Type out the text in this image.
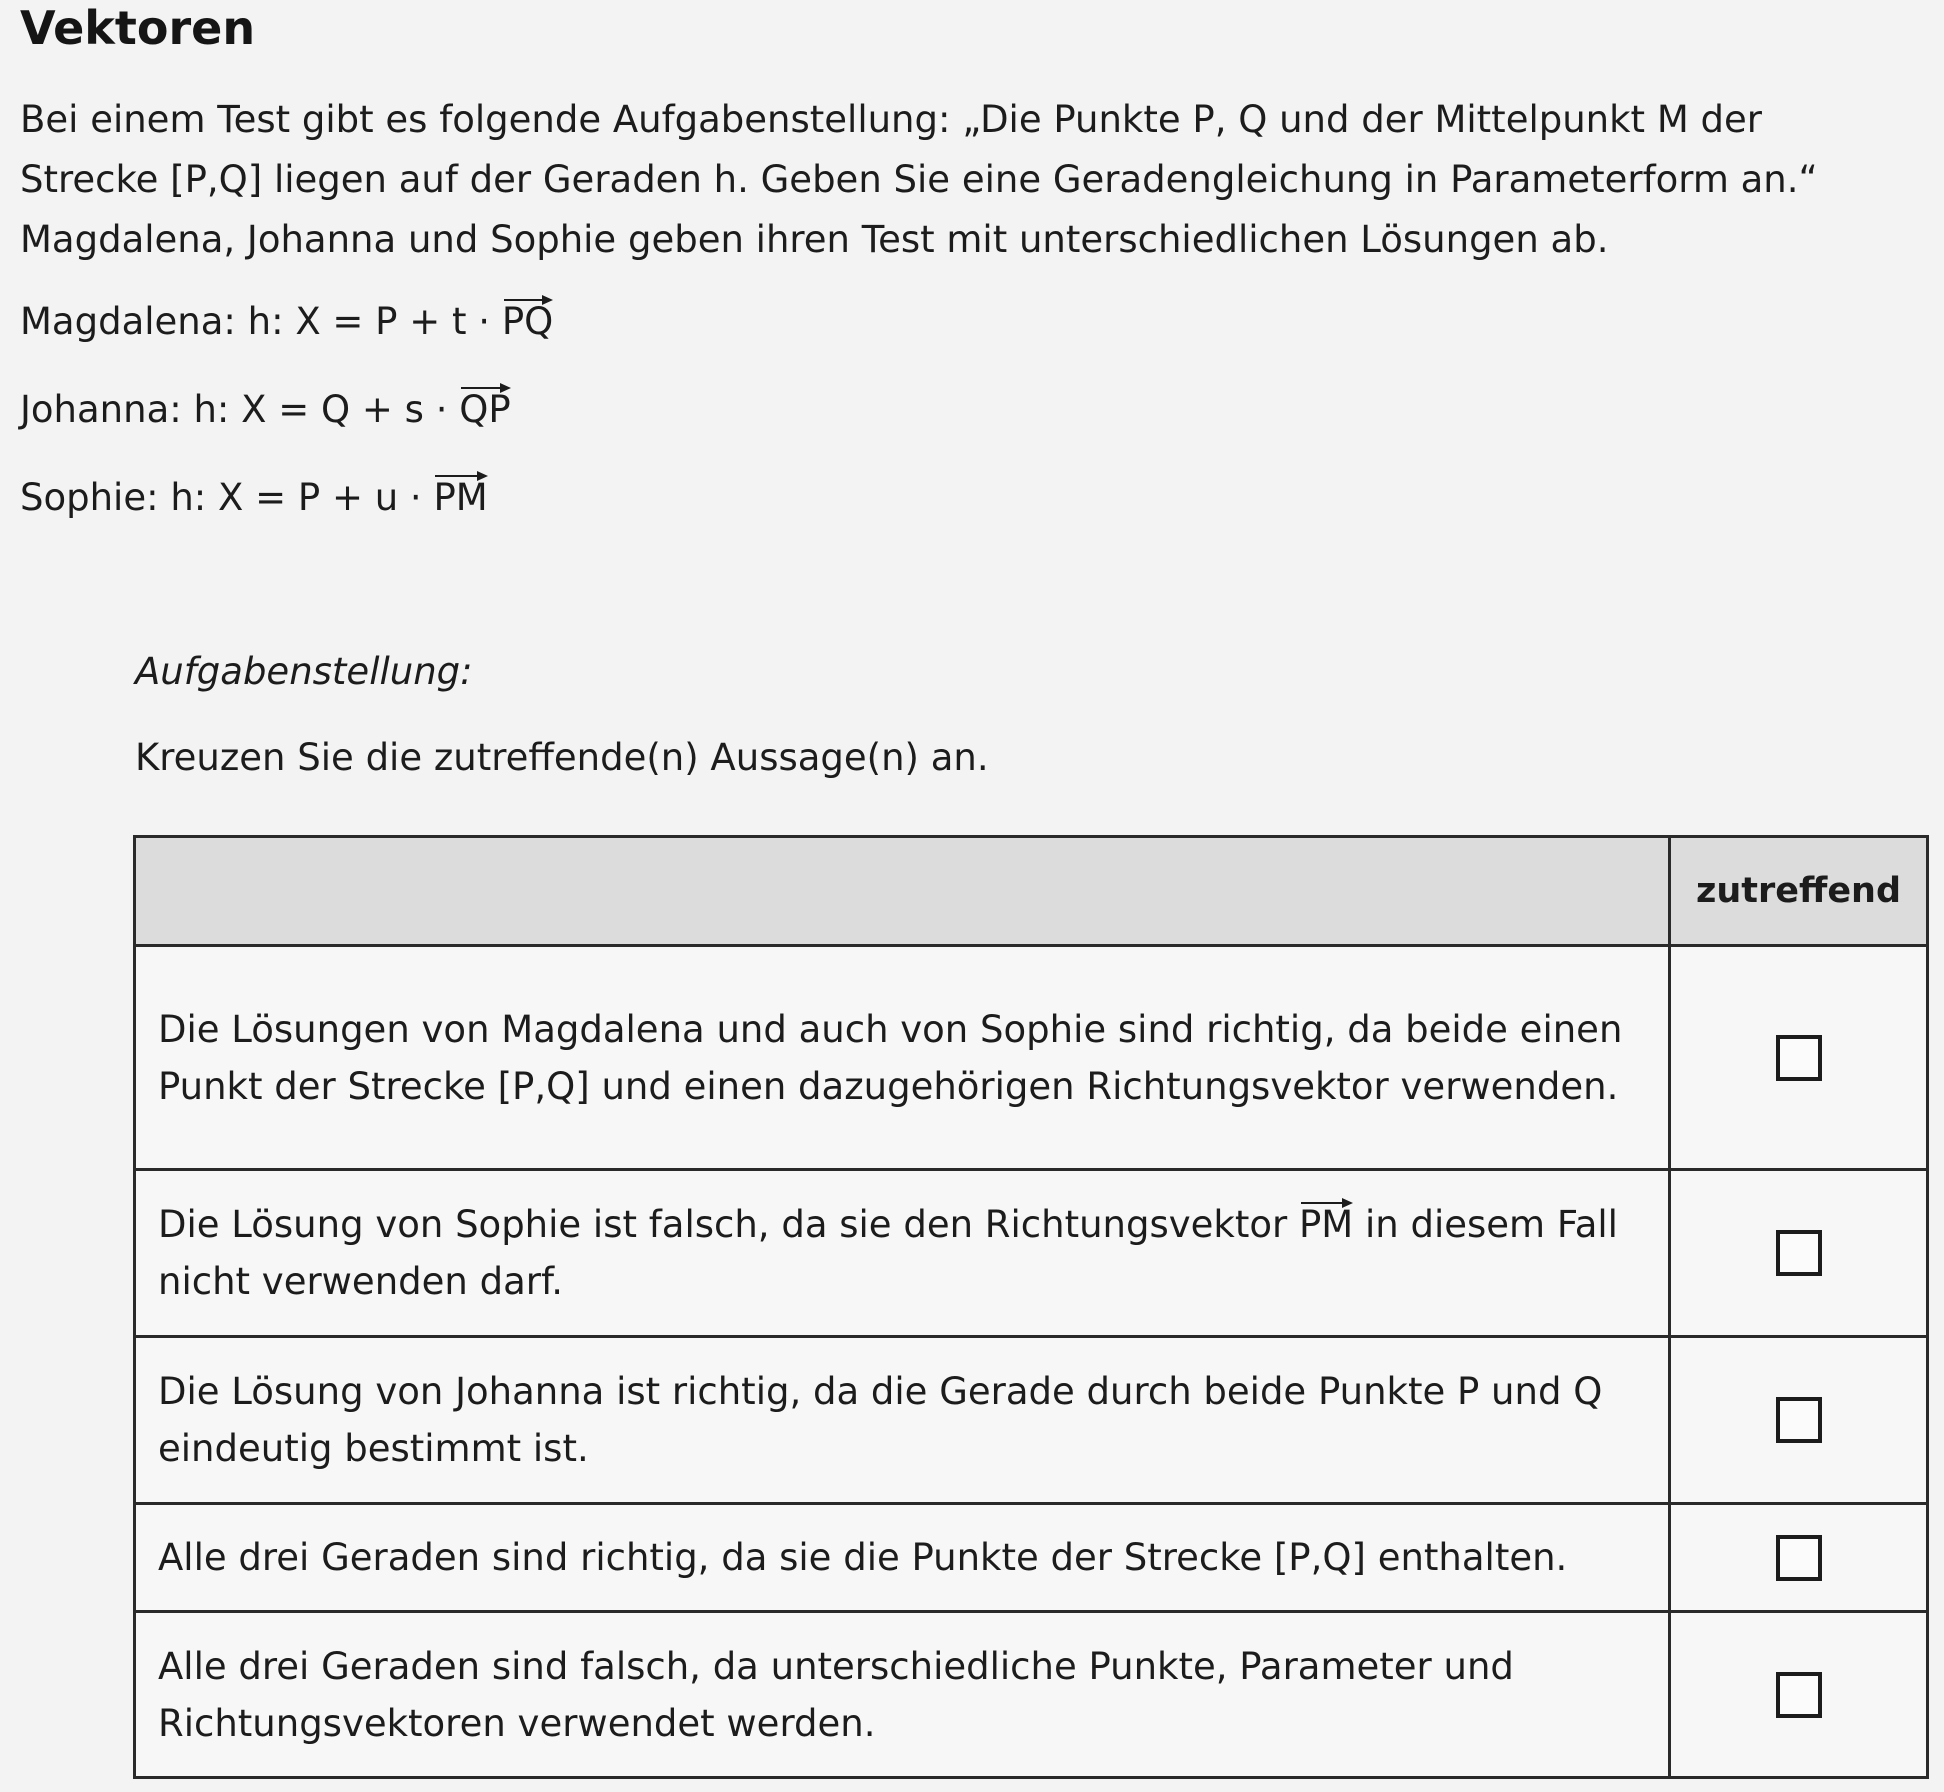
Vektoren

Bei einem Test gibt es folgende Aufgabenstellung: „Die Punkte P, Q und der Mittelpunkt M der

Strecke [P,Q] liegen auf der Geraden h. Geben Sie eine Geradengleichung in Parameterform an.“

Magdalena, Johanna und Sophie geben ihren Test mit unterschiedlichen Lösungen ab.

Magdalena: h: X = P + t ·
PQ
Johanna: h: X = Q + s ·
QP
Sophie: h: X = P + u ·
PM
Aufgabenstellung:
Kreuzen Sie die zutreffende(n) Aussage(n) an.
	zutreffend
Die Lösungen von Magdalena und auch von Sophie sind richtig, da beide einen Punkt der Strecke [P,Q] und einen dazugehörigen Richtungsvektor verwenden.	
Die Lösung von Sophie ist falsch, da sie den Richtungsvektor
PM in diesem Fall nicht verwenden darf.	
Die Lösung von Johanna ist richtig, da die Gerade durch beide Punkte P und Q eindeutig bestimmt ist.	
Alle drei Geraden sind richtig, da sie die Punkte der Strecke [P,Q] enthalten.	
Alle drei Geraden sind falsch, da unterschiedliche Punkte, Parameter und Richtungsvektoren verwendet werden.	
